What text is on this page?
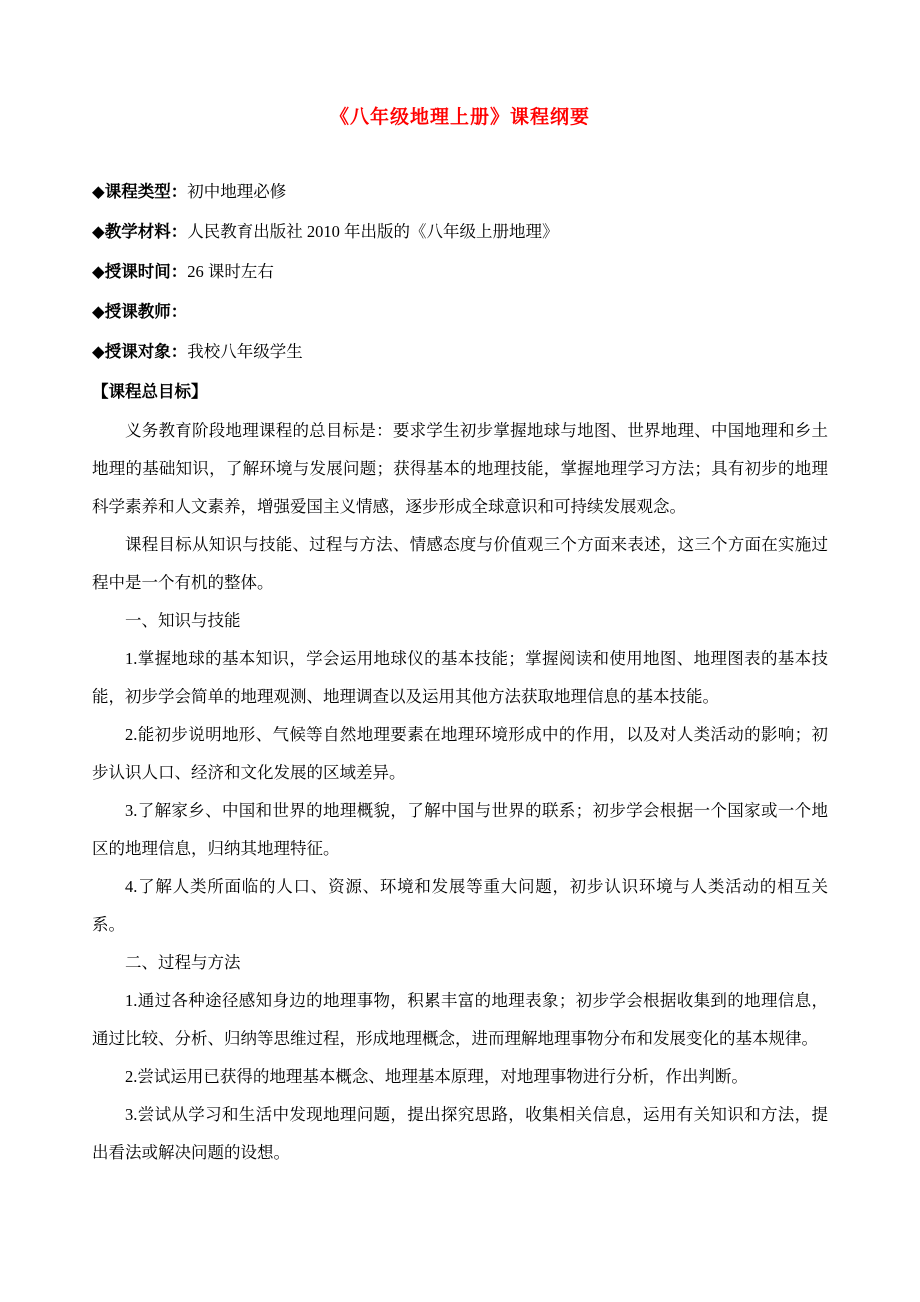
《八年级地理上册》课程纲要

◆课程类型：初中地理必修

◆教学材料：人民教育出版社 2010 年出版的《八年级上册地理》

◆授课时间：26 课时左右

◆授课教师：

◆授课对象：我校八年级学生

【课程总目标】

义务教育阶段地理课程的总目标是：要求学生初步掌握地球与地图、世界地理、中国地理和乡土地理的基础知识，了解环境与发展问题；获得基本的地理技能，掌握地理学习方法；具有初步的地理科学素养和人文素养，增强爱国主义情感，逐步形成全球意识和可持续发展观念。

课程目标从知识与技能、过程与方法、情感态度与价值观三个方面来表述，这三个方面在实施过程中是一个有机的整体。

一、知识与技能

1.掌握地球的基本知识，学会运用地球仪的基本技能；掌握阅读和使用地图、地理图表的基本技能，初步学会简单的地理观测、地理调查以及运用其他方法获取地理信息的基本技能。

2.能初步说明地形、气候等自然地理要素在地理环境形成中的作用，以及对人类活动的影响；初步认识人口、经济和文化发展的区域差异。

3.了解家乡、中国和世界的地理概貌，了解中国与世界的联系；初步学会根据一个国家或一个地区的地理信息，归纳其地理特征。

4.了解人类所面临的人口、资源、环境和发展等重大问题，初步认识环境与人类活动的相互关系。

二、过程与方法

1.通过各种途径感知身边的地理事物，积累丰富的地理表象；初步学会根据收集到的地理信息，通过比较、分析、归纳等思维过程，形成地理概念，进而理解地理事物分布和发展变化的基本规律。

2.尝试运用已获得的地理基本概念、地理基本原理，对地理事物进行分析，作出判断。

3.尝试从学习和生活中发现地理问题，提出探究思路，收集相关信息，运用有关知识和方法，提出看法或解决问题的设想。
